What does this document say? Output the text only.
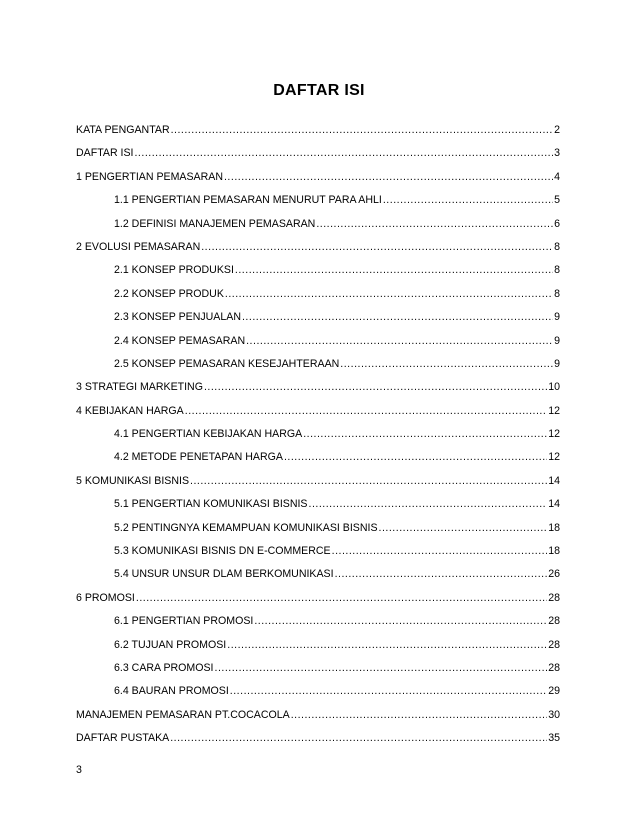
DAFTAR ISI
KATA PENGANTAR .....	2
DAFTAR ISI .....	3
1 PENGERTIAN PEMASARAN .....	4
1.1 PENGERTIAN PEMASARAN MENURUT PARA AHLI .....	5
1.2 DEFINISI MANAJEMEN PEMASARAN .....	6
2 EVOLUSI PEMASARAN .....	8
2.1 KONSEP PRODUKSI .....	8
2.2 KONSEP PRODUK .....	8
2.3 KONSEP PENJUALAN .....	9
2.4 KONSEP PEMASARAN .....	9
2.5 KONSEP PEMASARAN KESEJAHTERAAN .....	9
3 STRATEGI MARKETING .....	10
4 KEBIJAKAN HARGA .....	12
4.1 PENGERTIAN KEBIJAKAN HARGA .....	12
4.2 METODE PENETAPAN HARGA .....	12
5 KOMUNIKASI BISNIS .....	14
5.1 PENGERTIAN KOMUNIKASI BISNIS .....	14
5.2 PENTINGNYA KEMAMPUAN KOMUNIKASI BISNIS .....	18
5.3 KOMUNIKASI BISNIS DN E-COMMERCE .....	18
5.4 UNSUR UNSUR DLAM BERKOMUNIKASI .....	26
6 PROMOSI .....	28
6.1 PENGERTIAN PROMOSI .....	28
6.2 TUJUAN PROMOSI .....	28
6.3 CARA PROMOSI .....	28
6.4 BAURAN PROMOSI .....	29
MANAJEMEN PEMASARAN PT.COCACOLA .....	30
DAFTAR PUSTAKA .....	35
3
